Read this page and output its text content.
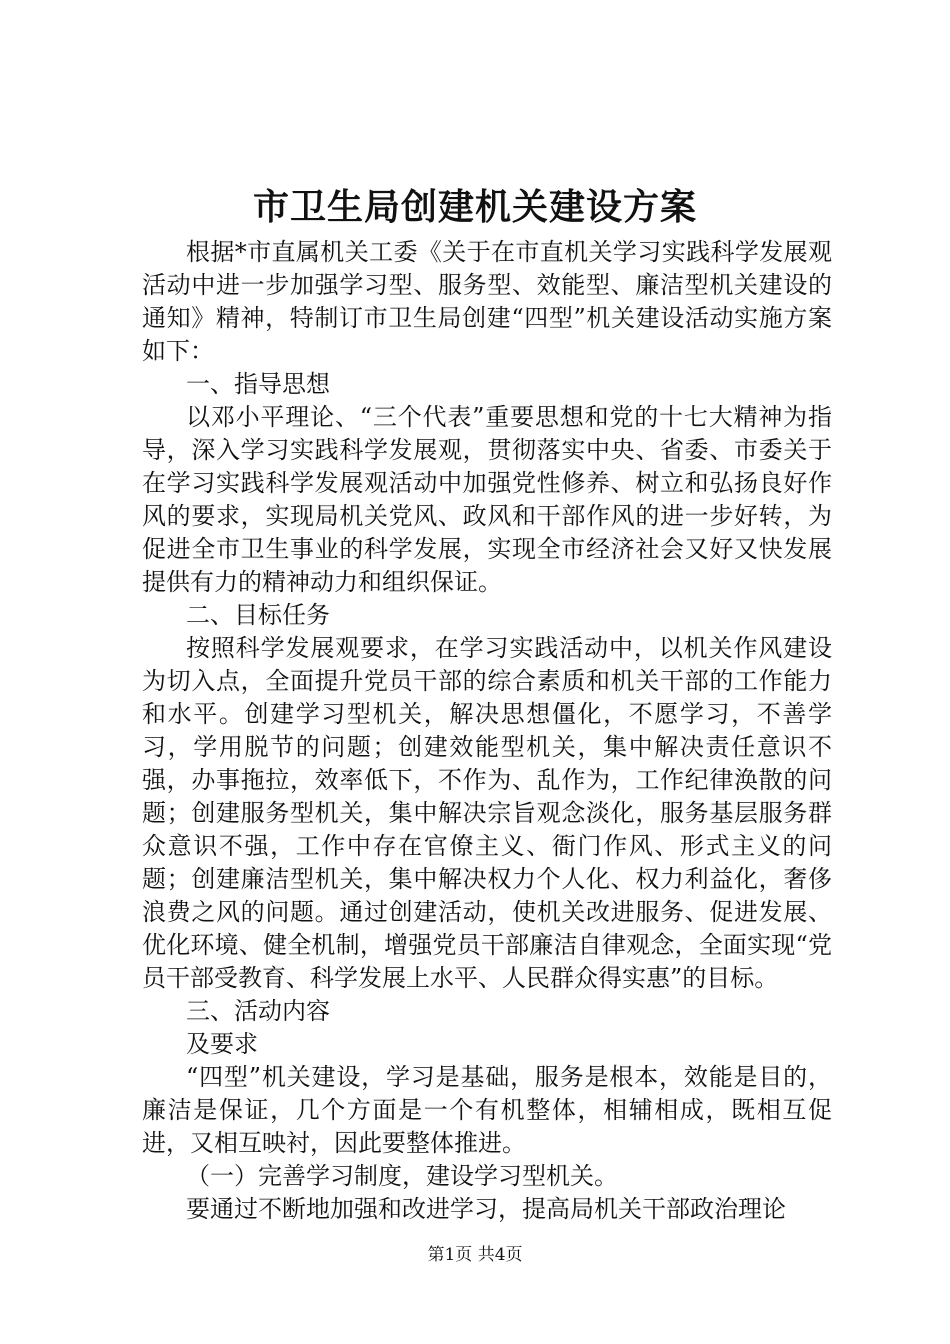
市卫生局创建机关建设方案

根据*市直属机关工委《关于在市直机关学习实践科学发展观活动中进一步加强学习型、服务型、效能型、廉洁型机关建设的通知》精神，特制订市卫生局创建“四型”机关建设活动实施方案如下：

一、指导思想

以邓小平理论、“三个代表”重要思想和党的十七大精神为指导，深入学习实践科学发展观，贯彻落实中央、省委、市委关于在学习实践科学发展观活动中加强党性修养、树立和弘扬良好作风的要求，实现局机关党风、政风和干部作风的进一步好转，为促进全市卫生事业的科学发展，实现全市经济社会又好又快发展提供有力的精神动力和组织保证。

二、目标任务

按照科学发展观要求，在学习实践活动中，以机关作风建设为切入点，全面提升党员干部的综合素质和机关干部的工作能力和水平。创建学习型机关，解决思想僵化，不愿学习，不善学习，学用脱节的问题；创建效能型机关，集中解决责任意识不强，办事拖拉，效率低下，不作为、乱作为，工作纪律涣散的问题；创建服务型机关，集中解决宗旨观念淡化，服务基层服务群众意识不强，工作中存在官僚主义、衙门作风、形式主义的问题；创建廉洁型机关，集中解决权力个人化、权力利益化，奢侈浪费之风的问题。通过创建活动，使机关改进服务、促进发展、优化环境、健全机制，增强党员干部廉洁自律观念，全面实现“党员干部受教育、科学发展上水平、人民群众得实惠”的目标。

三、活动内容

及要求

“四型”机关建设，学习是基础，服务是根本，效能是目的，廉洁是保证，几个方面是一个有机整体，相辅相成，既相互促进，又相互映衬，因此要整体推进。

（一）完善学习制度，建设学习型机关。

要通过不断地加强和改进学习，提高局机关干部政治理论

第1页 共4页
